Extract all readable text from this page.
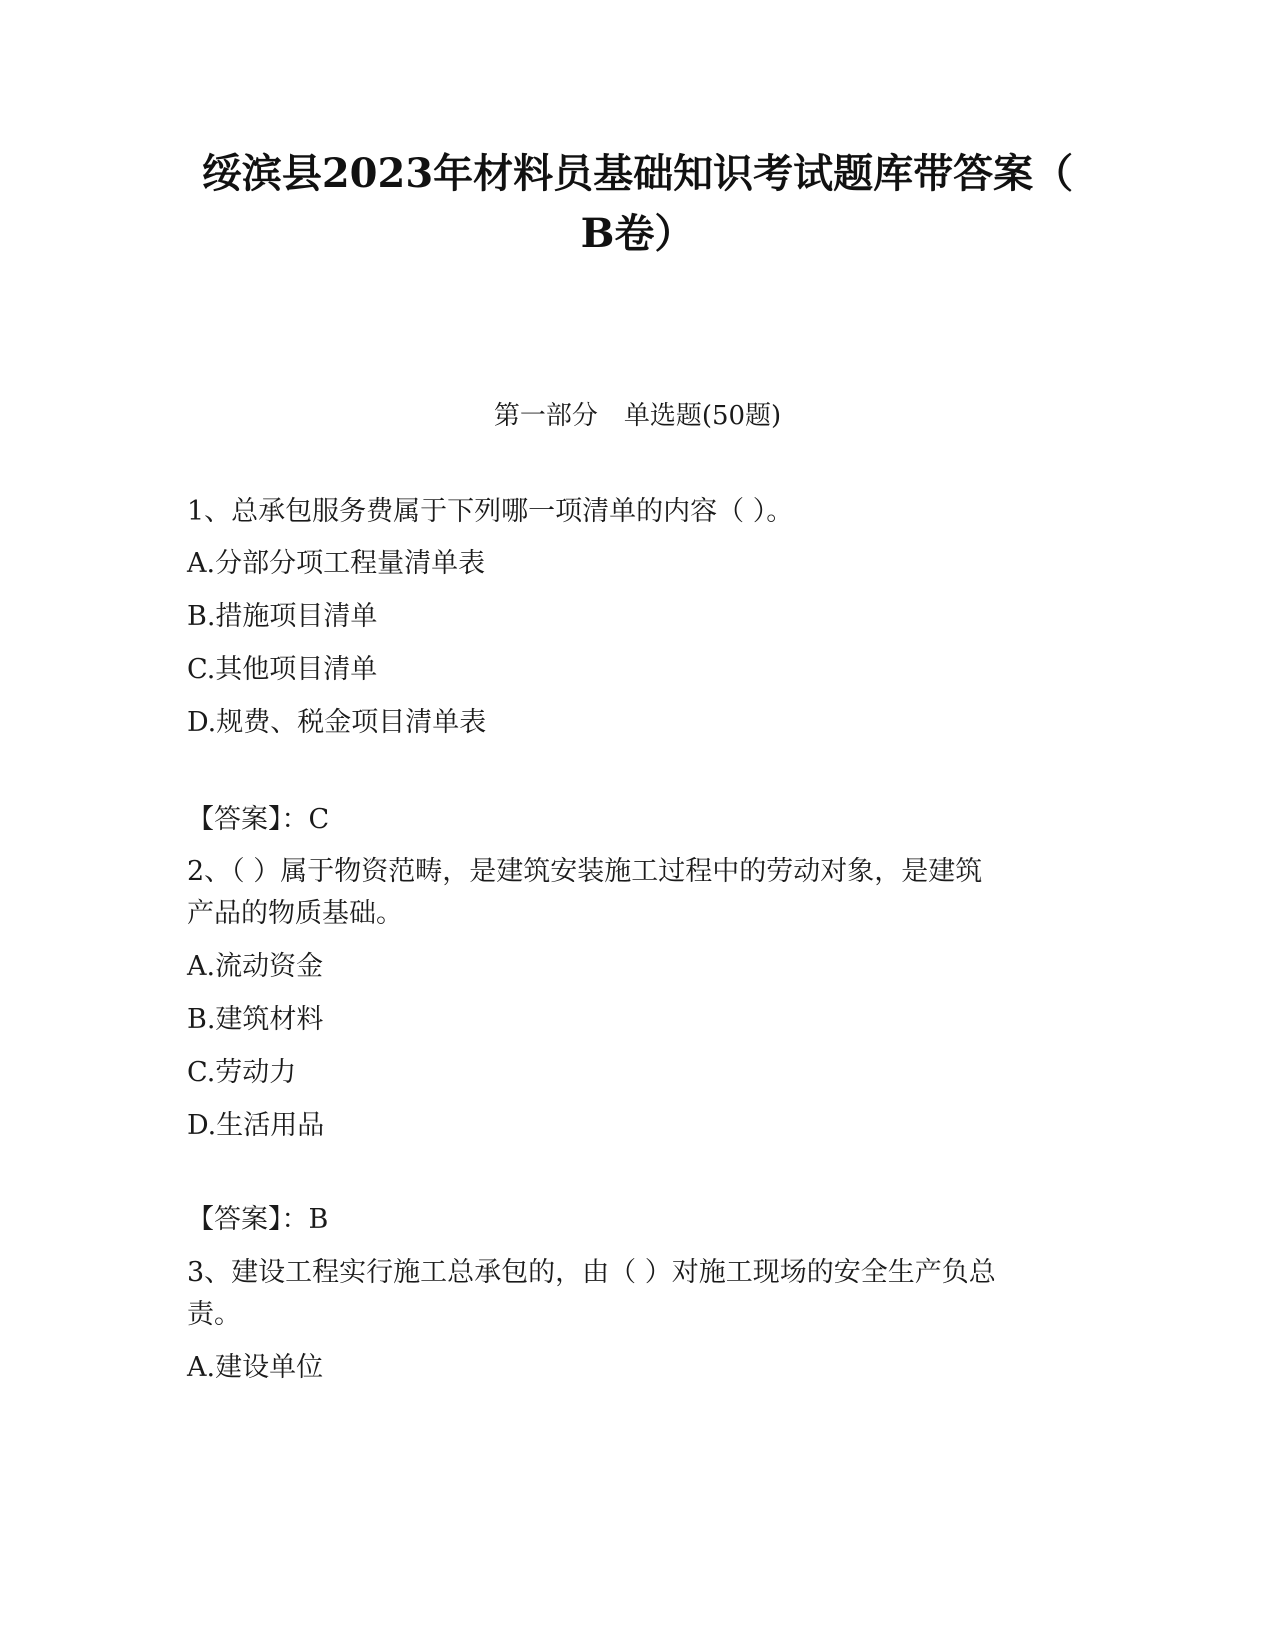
绥滨县2023年材料员基础知识考试题库带答案（
B卷）
第一部分　单选题(50题)
1、总承包服务费属于下列哪一项清单的内容（ ）。
A.分部分项工程量清单表
B.措施项目清单
C.其他项目清单
D.规费、税金项目清单表
【答案】：C
2、（ ）属于物资范畴，是建筑安装施工过程中的劳动对象，是建筑
产品的物质基础。
A.流动资金
B.建筑材料
C.劳动力
D.生活用品
【答案】：B
3、建设工程实行施工总承包的，由（ ）对施工现场的安全生产负总
责。
A.建设单位
